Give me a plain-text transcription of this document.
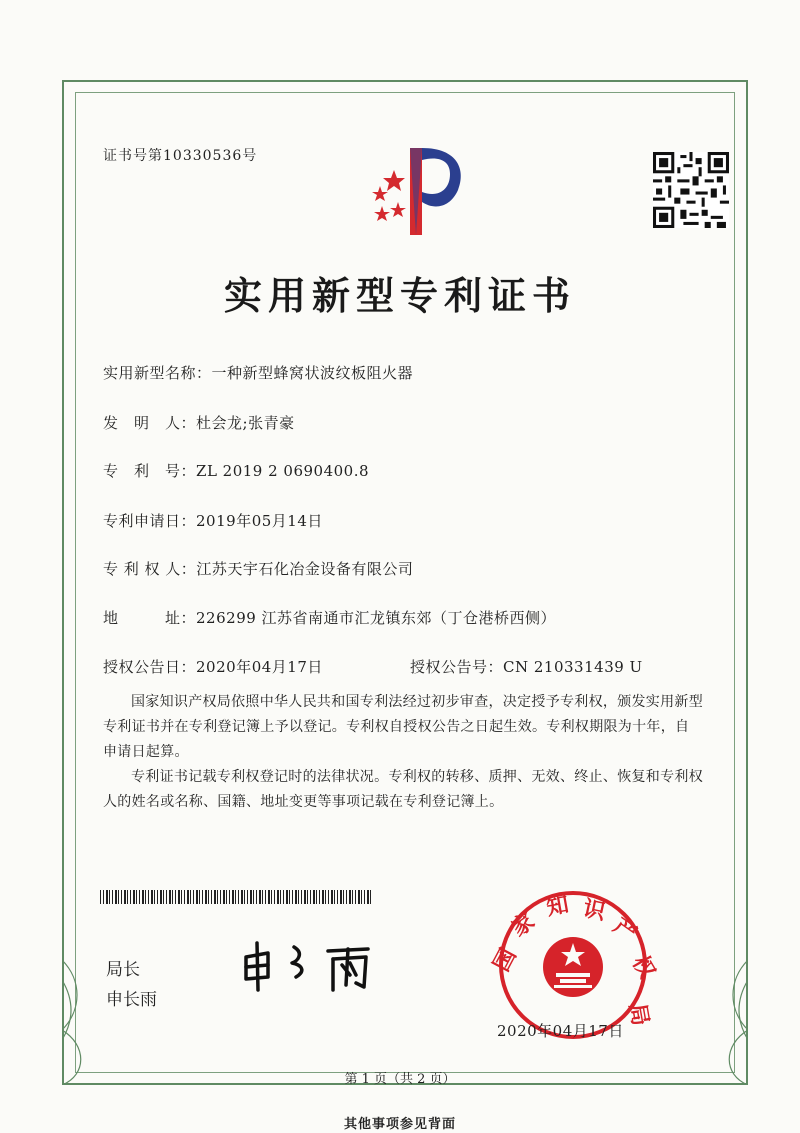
证书号第10330536号
实用新型专利证书
实用新型名称：一种新型蜂窝状波纹板阻火器
发　明　人：杜会龙;张青豪
专　利　号：ZL 2019 2 0690400.8
专利申请日：2019年05月14日
专 利 权 人：江苏天宇石化冶金设备有限公司
地　　　址：226299 江苏省南通市汇龙镇东郊（丁仓港桥西侧）
授权公告日：2020年04月17日	授权公告号：CN 210331439 U
国家知识产权局依照中华人民共和国专利法经过初步审查，决定授予专利权，颁发实用新型专利证书并在专利登记簿上予以登记。专利权自授权公告之日起生效。专利权期限为十年，自申请日起算。
专利证书记载专利权登记时的法律状况。专利权的转移、质押、无效、终止、恢复和专利权人的姓名或名称、国籍、地址变更等事项记载在专利登记簿上。
局长
申长雨
国
家
知 识
产
权
局
2020年04月17日
第 1 页（共 2 页）
其他事项参见背面
